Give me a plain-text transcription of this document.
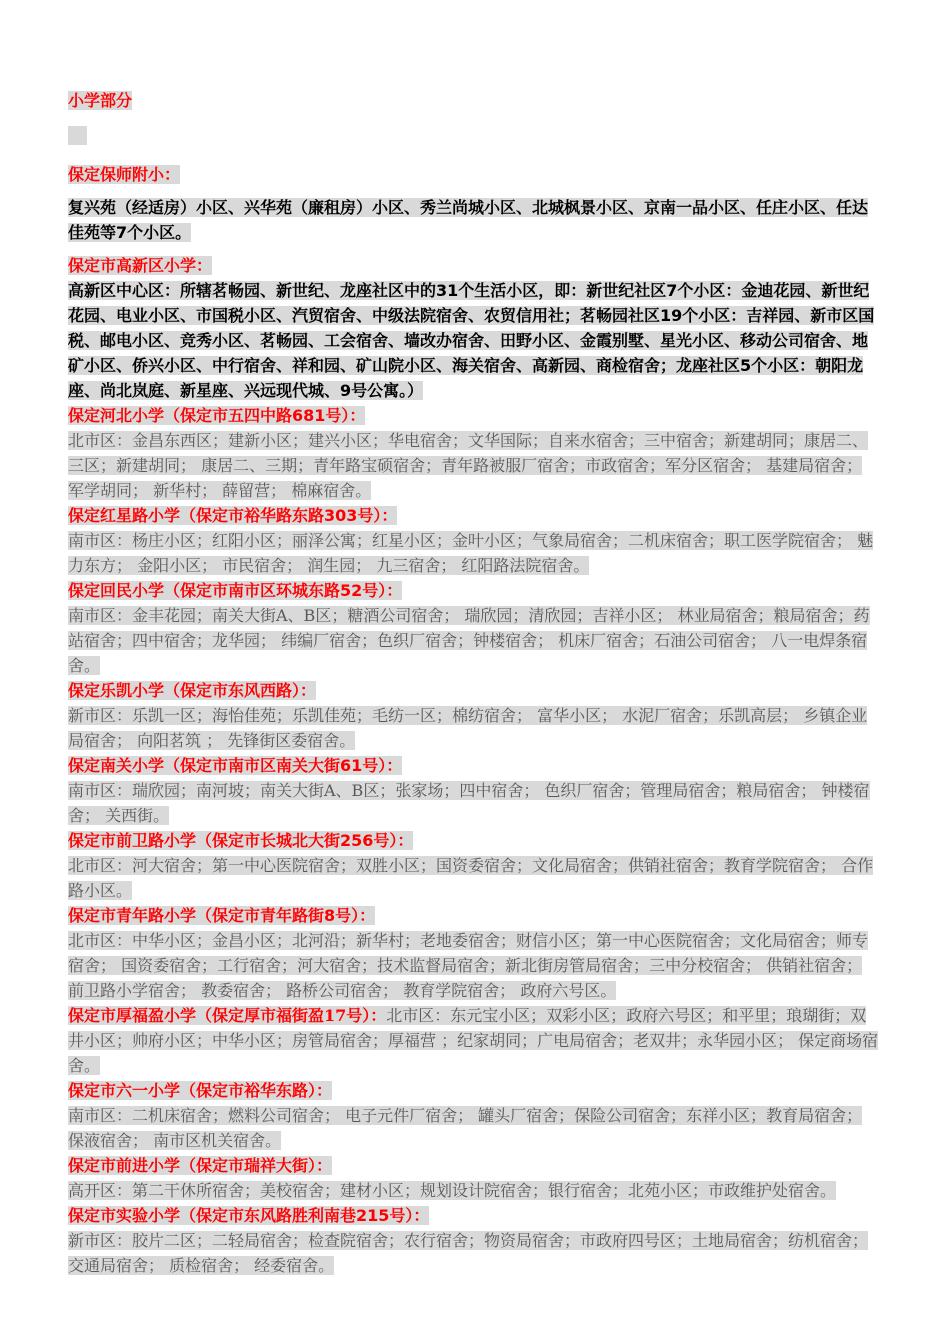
小学部分
保定保师附小：
复兴苑（经适房）小区、兴华苑（廉租房）小区、秀兰尚城小区、北城枫景小区、京南一品小区、任庄小区、任达佳苑等7个小区。
保定市高新区小学：
高新区中心区：所辖茗畅园、新世纪、龙座社区中的31个生活小区，即：新世纪社区7个小区：金迪花园、新世纪花园、电业小区、市国税小区、汽贸宿舍、中级法院宿舍、农贸信用社；茗畅园社区19个小区：吉祥园、新市区国税、邮电小区、竞秀小区、茗畅园、工会宿舍、墙改办宿舍、田野小区、金霞别墅、星光小区、移动公司宿舍、地矿小区、侨兴小区、中行宿舍、祥和园、矿山院小区、海关宿舍、高新园、商检宿舍；龙座社区5个小区：朝阳龙座、尚北岚庭、新星座、兴远现代城、9号公寓。）
保定河北小学（保定市五四中路681号）：
北市区：金昌东西区；建新小区；建兴小区；华电宿舍；文华国际；自来水宿舍；三中宿舍；新建胡同；康居二、三区；新建胡同； 康居二、三期；青年路宝硕宿舍；青年路被服厂宿舍；市政宿舍；军分区宿舍； 基建局宿舍； 军学胡同； 新华村； 薛留营； 棉麻宿舍。
保定红星路小学（保定市裕华路东路303号）：
南市区：杨庄小区；红阳小区；丽泽公寓；红星小区；金叶小区；气象局宿舍；二机床宿舍；职工医学院宿舍； 魅力东方； 金阳小区； 市民宿舍； 润生园； 九三宿舍； 红阳路法院宿舍。
保定回民小学（保定市南市区环城东路52号）：
南市区：金丰花园；南关大街A、B区；糖酒公司宿舍； 瑞欣园；清欣园；吉祥小区； 林业局宿舍；粮局宿舍；药站宿舍；四中宿舍；龙华园； 纬编厂宿舍；色织厂宿舍；钟楼宿舍； 机床厂宿舍；石油公司宿舍； 八一电焊条宿舍。
保定乐凯小学（保定市东风西路）：
新市区：乐凯一区；海怡佳苑；乐凯佳苑；毛纺一区；棉纺宿舍； 富华小区； 水泥厂宿舍；乐凯高层； 乡镇企业局宿舍； 向阳茗筑 ； 先锋街区委宿舍。
保定南关小学（保定市南市区南关大街61号）：
南市区：瑞欣园；南河坡；南关大街A、B区；张家场；四中宿舍； 色织厂宿舍；管理局宿舍；粮局宿舍； 钟楼宿舍； 关西街。
保定市前卫路小学（保定市长城北大街256号）：
北市区：河大宿舍；第一中心医院宿舍；双胜小区；国资委宿舍；文化局宿舍；供销社宿舍；教育学院宿舍； 合作路小区。
保定市青年路小学（保定市青年路街8号）：
北市区：中华小区；金昌小区；北河沿；新华村；老地委宿舍；财信小区；第一中心医院宿舍；文化局宿舍；师专宿舍； 国资委宿舍；工行宿舍；河大宿舍；技术监督局宿舍；新北街房管局宿舍；三中分校宿舍； 供销社宿舍； 前卫路小学宿舍； 教委宿舍； 路桥公司宿舍； 教育学院宿舍； 政府六号区。
保定市厚福盈小学（保定厚市福街盈17号）：北市区：东元宝小区；双彩小区；政府六号区；和平里；琅瑚街；双井小区；帅府小区；中华小区；房管局宿舍；厚福营 ；纪家胡同；广电局宿舍；老双井；永华园小区； 保定商场宿舍。
保定市六一小学（保定市裕华东路）：
南市区：二机床宿舍；燃料公司宿舍； 电子元件厂宿舍； 罐头厂宿舍；保险公司宿舍；东祥小区；教育局宿舍； 保液宿舍； 南市区机关宿舍。
保定市前进小学（保定市瑞祥大街）：
高开区：第二干休所宿舍；美校宿舍；建材小区；规划设计院宿舍；银行宿舍；北苑小区；市政维护处宿舍。
保定市实验小学（保定市东风路胜利南巷215号）：
新市区：胶片二区；二轻局宿舍；检查院宿舍；农行宿舍；物资局宿舍；市政府四号区；土地局宿舍；纺机宿舍； 交通局宿舍； 质检宿舍； 经委宿舍。
